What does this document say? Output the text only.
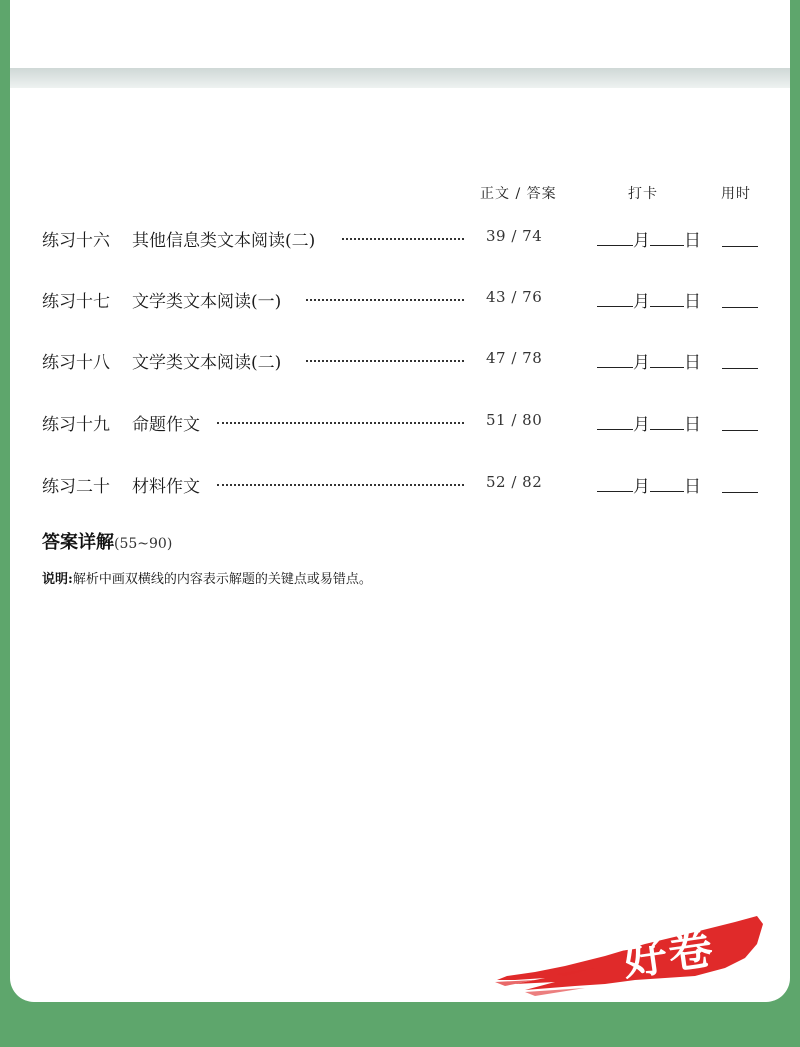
正文 / 答案	打卡	用时
练习十六 其他信息类文本阅读(二)	39 / 74	月 日
练习十七 文学类文本阅读(一)	43 / 76	月 日
练习十八 文学类文本阅读(二)	47 / 78	月 日
练习十九 命题作文	51 / 80	月 日
练习二十 材料作文	52 / 82	月 日
答案详解(55~90)
说明:解析中画双横线的内容表示解题的关键点或易错点。
好卷
